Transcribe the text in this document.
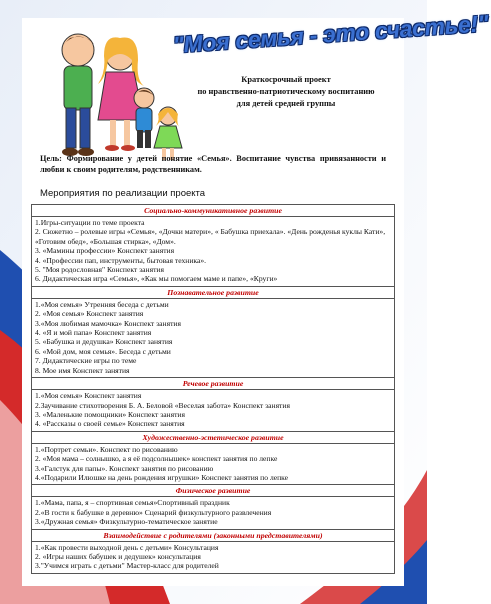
"Моя семья - это счастье!"
Краткосрочный проект
по нравственно-патриотическому воспитанию
для детей средней группы
Цель: Формирование у детей понятие «Семья». Воспитание чувства привязанности и любви к своим родителям, родственникам.
Мероприятия по реализации проекта
Социально-коммуникативное развитие
1.Игры-ситуации по теме проекта
2. Сюжетно – ролевые игры «Семья», «Дочки матери», « Бабушка приехала». «День рожденья куклы Кати», «Готовим обед», «Большая стирка», «Дом».
3. «Мамины профессии» Конспект занятия
4. «Профессии пап, инструменты, бытовая техника».
5. "Моя родословная" Конспект занятия
6. Дидактическая игра «Семья», «Как мы помогаем маме и папе», «Круги»
Познавательное развитие
1.«Моя семья» Утренняя беседа с детьми
2. «Моя семья» Конспект занятия
3.«Моя любимая мамочка» Конспект занятия
4. «Я и мой папа» Конспект занятия
5. «Бабушка и дедушка» Конспект занятия
6. «Мой дом, моя семья». Беседа с детьми
7. Дидактические игры по теме
8. Мое имя Конспект занятия
Речевое развитие
1.«Моя семья» Конспект занятия
2.Заучивание стихотворения Б. А. Беловой «Веселая забота» Конспект занятия
3. «Маленькие помощники» Конспект занятия
4. «Рассказы о своей семье» Конспект занятия
Художественно-эстетическое развитие
1.«Портрет семьи». Конспект по рисованию
2. «Моя мама – солнышко, а я её подсолнышек» конспект занятия по лепке
3.«Галстук для папы». Конспект занятия по рисованию
4.«Подарили Илюшке на день рождения игрушки» Конспект занятия по лепке
Физическое развитие
1.«Мама, папа, я – спортивная семья»Спортивный праздник
2.«В гости к бабушке в деревню» Сценарий физкультурного развлечения
3.«Дружная семья» Физкультурно-тематическое занятие
Взаимодействие с родителями (законными представителями)
1.«Как провести выходной день с детьми» Консультация
2. «Игры наших бабушек и дедушек» консультация
3."Учимся играть с детьми" Мастер-класс для родителей
